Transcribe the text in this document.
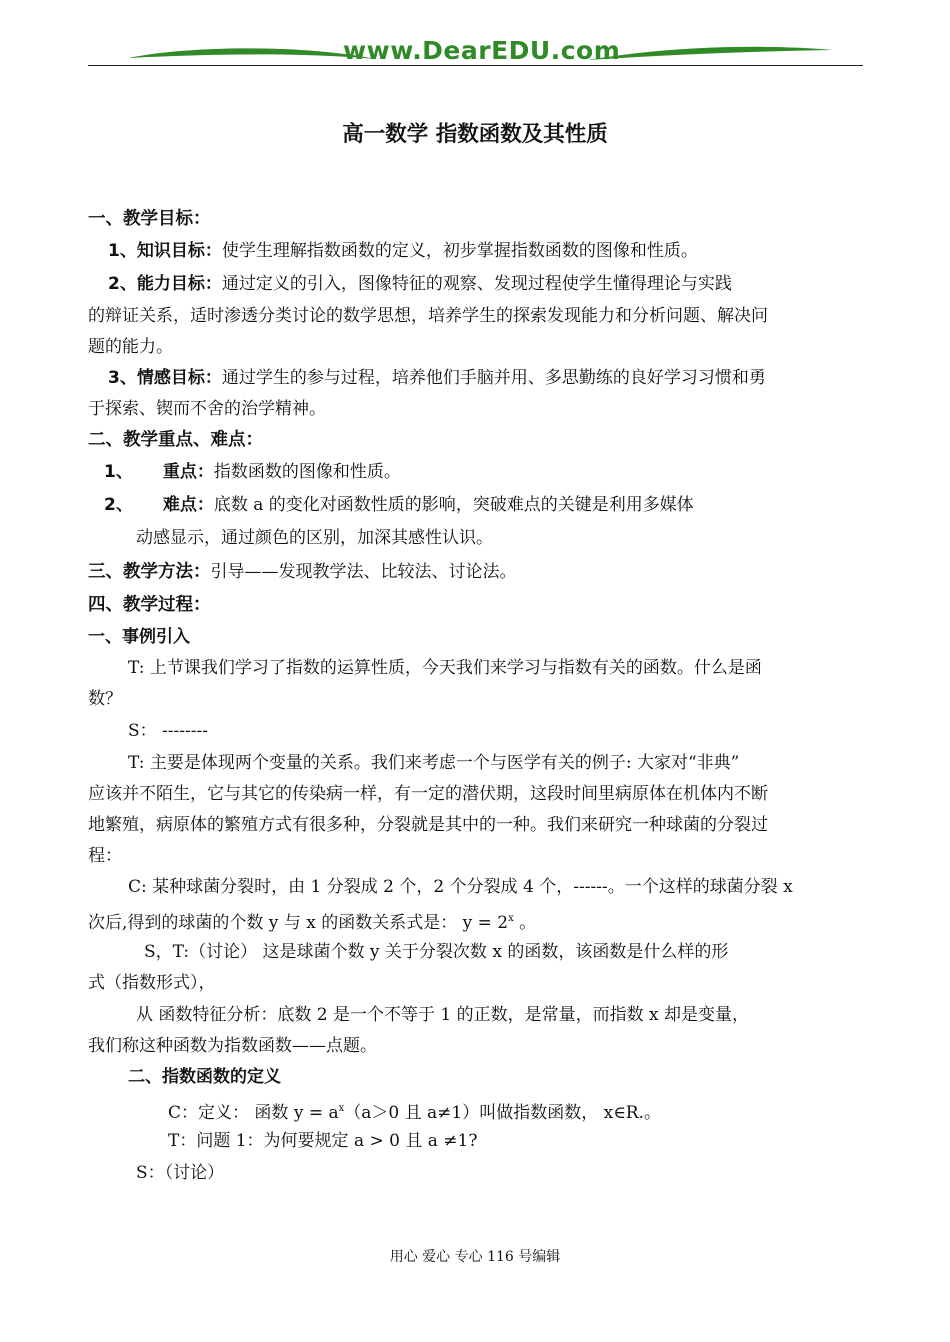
www.DearEDU.com
高一数学 指数函数及其性质
一、教学目标：
1、知识目标：使学生理解指数函数的定义，初步掌握指数函数的图像和性质。
2、能力目标：通过定义的引入，图像特征的观察、发现过程使学生懂得理论与实践
的辩证关系，适时渗透分类讨论的数学思想，培养学生的探索发现能力和分析问题、解决问
题的能力。
3、情感目标：通过学生的参与过程，培养他们手脑并用、多思勤练的良好学习习惯和勇
于探索、锲而不舍的治学精神。
二、教学重点、难点：
1、 重点：指数函数的图像和性质。
2、 难点：底数 a 的变化对函数性质的影响，突破难点的关键是利用多媒体
动感显示，通过颜色的区别，加深其感性认识。
三、教学方法：引导——发现教学法、比较法、讨论法。
四、教学过程：
一、事例引入
T: 上节课我们学习了指数的运算性质，今天我们来学习与指数有关的函数。什么是函
数？
S： --------
T: 主要是体现两个变量的关系。我们来考虑一个与医学有关的例子: 大家对“非典”
应该并不陌生，它与其它的传染病一样，有一定的潜伏期，这段时间里病原体在机体内不断
地繁殖，病原体的繁殖方式有很多种，分裂就是其中的一种。我们来研究一种球菌的分裂过
程：
C: 某种球菌分裂时，由 1 分裂成 2 个，2 个分裂成 4 个，------。一个这样的球菌分裂 x
次后,得到的球菌的个数 y 与 x 的函数关系式是： $y = 2^x$ 。
S，T:（讨论） 这是球菌个数 y 关于分裂次数 x 的函数，该函数是什么样的形
式（指数形式），
从 函数特征分析：底数 2 是一个不等于 1 的正数，是常量，而指数 x 却是变量，
我们称这种函数为指数函数——点题。
二、指数函数的定义
C：定义： 函数 $y = a^x(a>0$ 且 a≠1）叫做指数函数， x∈R.。
T：问题 1：为何要规定 a > 0 且 a ≠1?
S：（讨论）
用心 爱心 专心 116 号编辑
